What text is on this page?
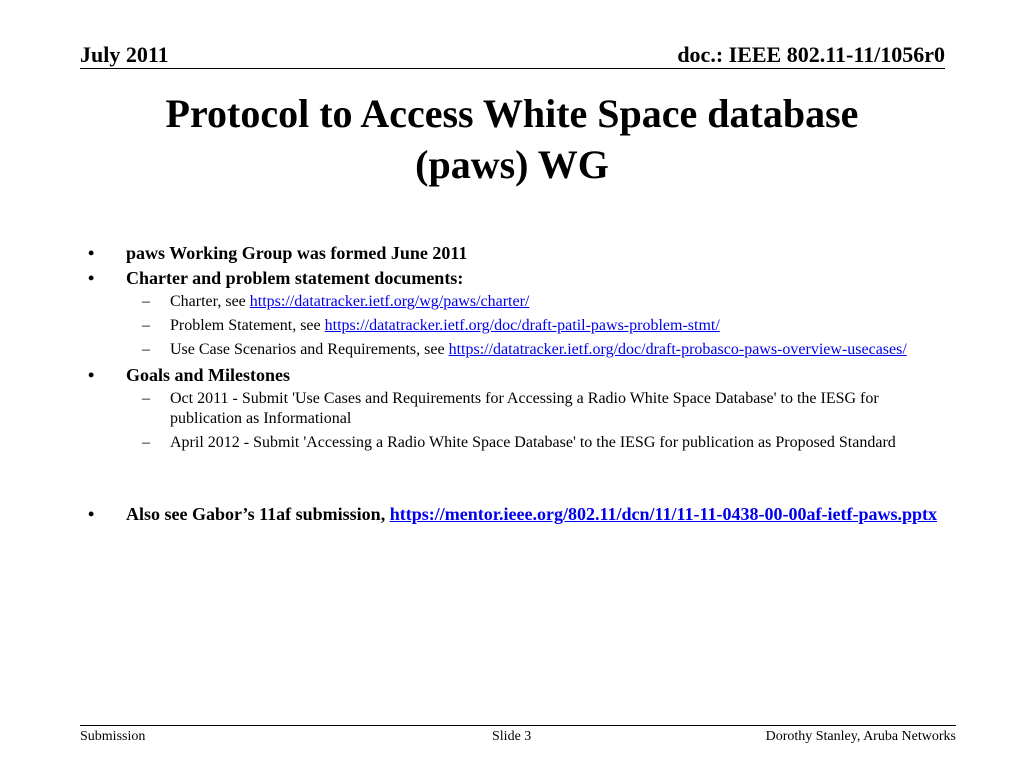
July 2011	doc.: IEEE 802.11-11/1056r0
Protocol to Access White Space database
(paws) WG
• paws Working Group was formed June 2011
• Charter and problem statement documents:
– Charter, see https://datatracker.ietf.org/wg/paws/charter/
– Problem Statement, see https://datatracker.ietf.org/doc/draft-patil-paws-problem-stmt/
– Use Case Scenarios and Requirements, see https://datatracker.ietf.org/doc/draft-probasco-paws-overview-usecases/
• Goals and Milestones
– Oct 2011 - Submit 'Use Cases and Requirements for Accessing a Radio White Space Database' to the IESG for publication as Informational
– April 2012 - Submit 'Accessing a Radio White Space Database' to the IESG for publication as Proposed Standard
• Also see Gabor’s 11af submission, https://mentor.ieee.org/802.11/dcn/11/11-11-0438-00-00af-ietf-paws.pptx
Submission	Slide 3	Dorothy Stanley, Aruba Networks
